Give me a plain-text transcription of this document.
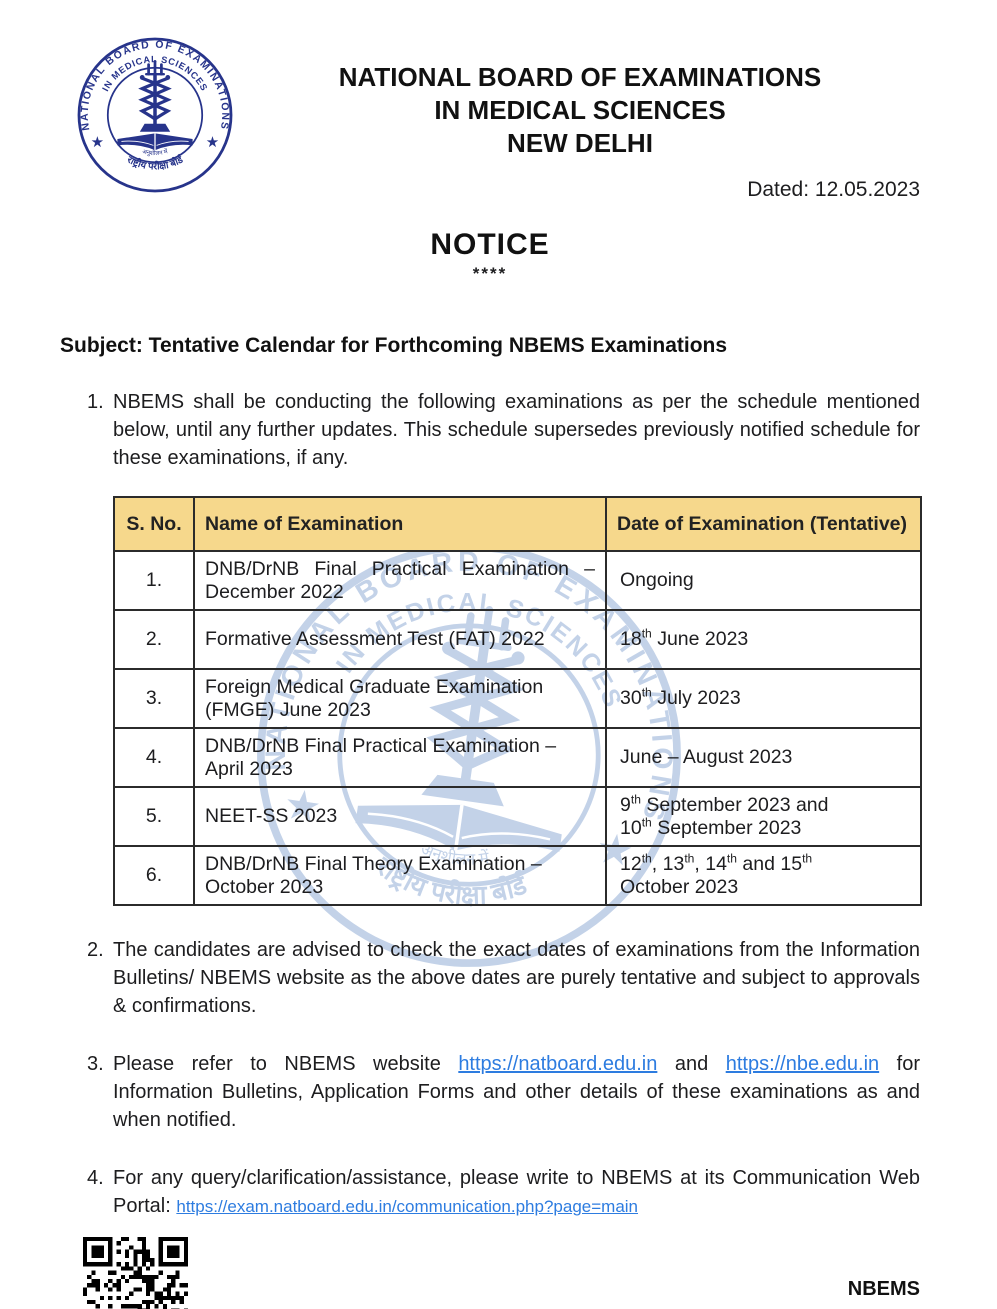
NATIONAL BOARD OF EXAMINATIONS
IN MEDICAL SCIENCES
NEW DELHI
Dated: 12.05.2023
NOTICE
****
Subject: Tentative Calendar for Forthcoming NBEMS Examinations
1. NBEMS shall be conducting the following examinations as per the schedule mentioned below, until any further updates. This schedule supersedes previously notified schedule for these examinations, if any.
S. No.	Name of Examination	Date of Examination (Tentative)
1.	DNB/DrNB Final Practical Examination – December 2022	Ongoing
2.	Formative Assessment Test (FAT) 2022	18th June 2023
3.	Foreign Medical Graduate Examination (FMGE) June 2023	30th July 2023
4.	DNB/DrNB Final Practical Examination – April 2023	June – August 2023
5.	NEET-SS 2023	9th September 2023 and
10th September 2023
6.	DNB/DrNB Final Theory Examination – October 2023	12th, 13th, 14th and 15th
October 2023
2. The candidates are advised to check the exact dates of examinations from the Information Bulletins/ NBEMS website as the above dates are purely tentative and subject to approvals & confirmations.
3. Please refer to NBEMS website https://natboard.edu.in and https://nbe.edu.in for Information Bulletins, Application Forms and other details of these examinations as and when notified.
4. For any query/clarification/assistance, please write to NBEMS at its Communication Web Portal: https://exam.natboard.edu.in/communication.php?page=main
NBEMS
